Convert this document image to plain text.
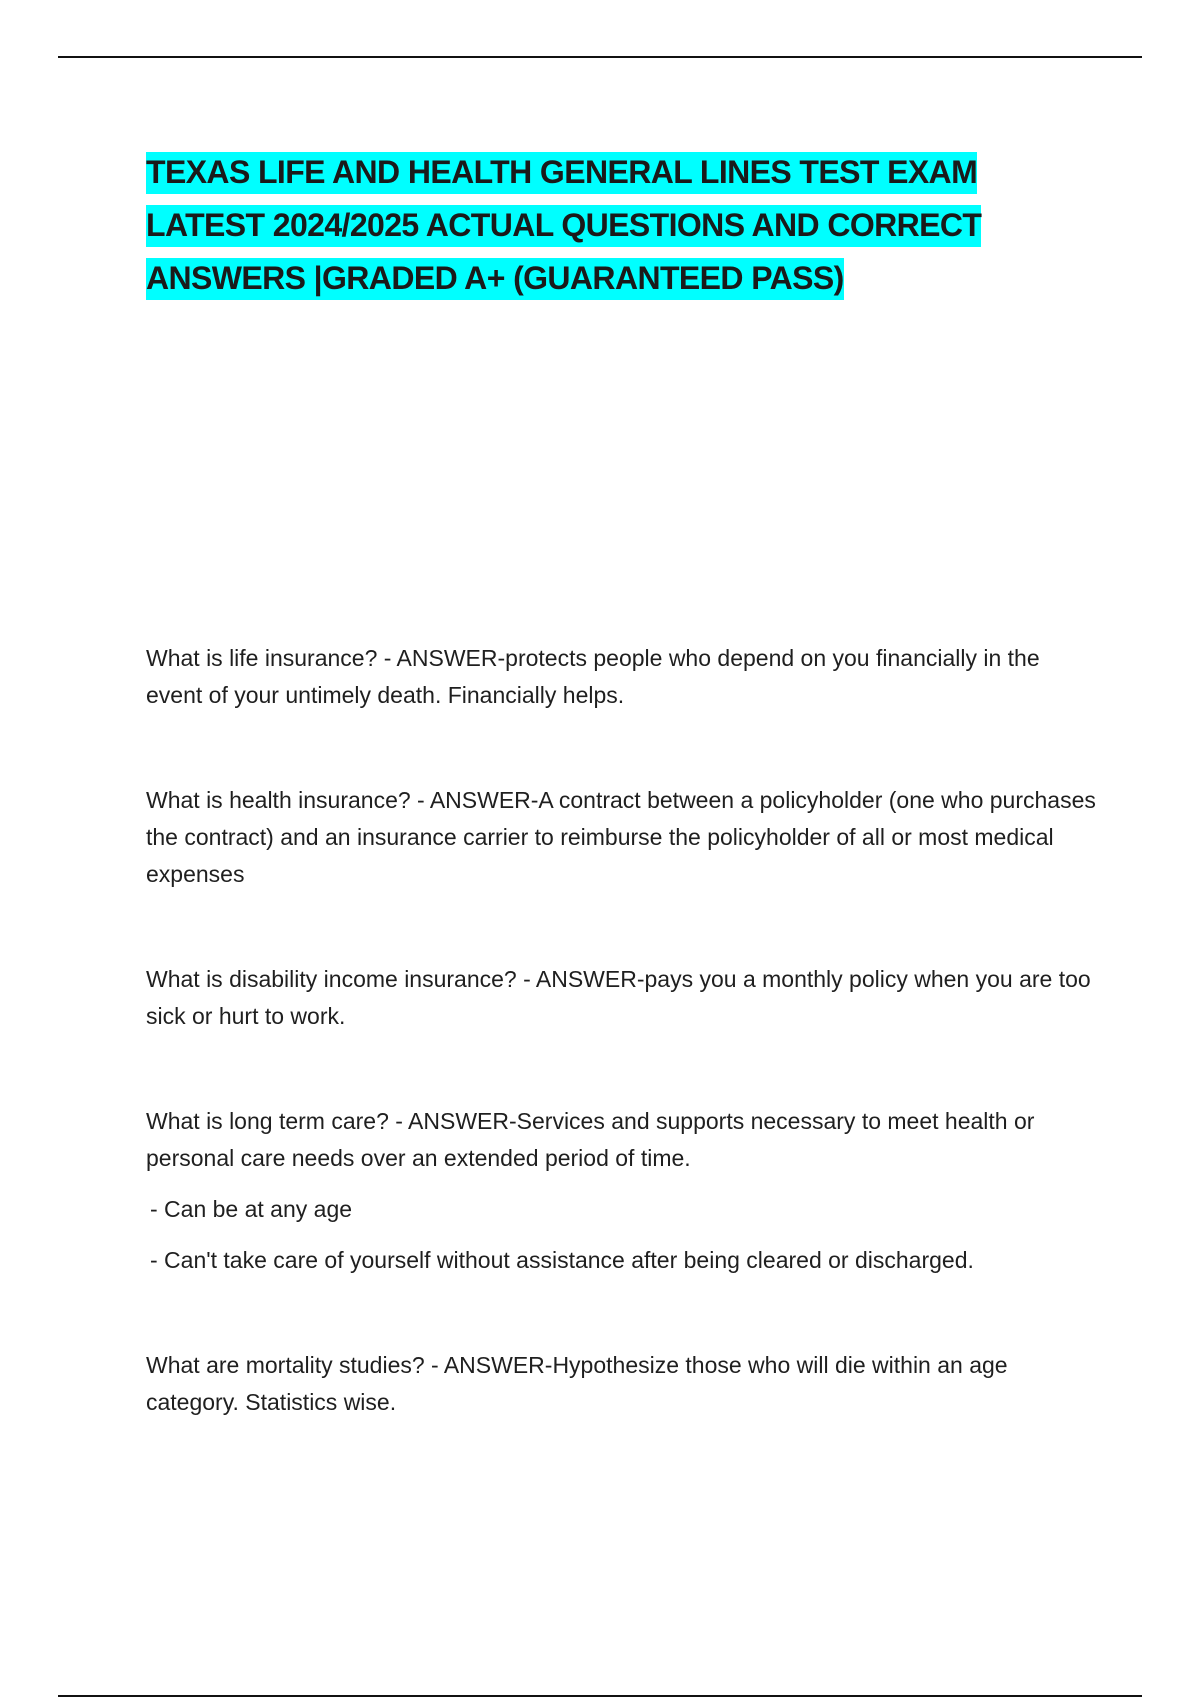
TEXAS LIFE AND HEALTH GENERAL LINES TEST EXAM LATEST 2024/2025 ACTUAL QUESTIONS AND CORRECT ANSWERS |GRADED A+ (GUARANTEED PASS)

What is life insurance? - ANSWER-protects people who depend on you financially in the event of your untimely death. Financially helps.

What is health insurance? - ANSWER-A contract between a policyholder (one who purchases the contract) and an insurance carrier to reimburse the policyholder of all or most medical expenses

What is disability income insurance? - ANSWER-pays you a monthly policy when you are too sick or hurt to work.

What is long term care? - ANSWER-Services and supports necessary to meet health or personal care needs over an extended period of time.

- Can be at any age

- Can't take care of yourself without assistance after being cleared or discharged.

What are mortality studies? - ANSWER-Hypothesize those who will die within an age category. Statistics wise.
